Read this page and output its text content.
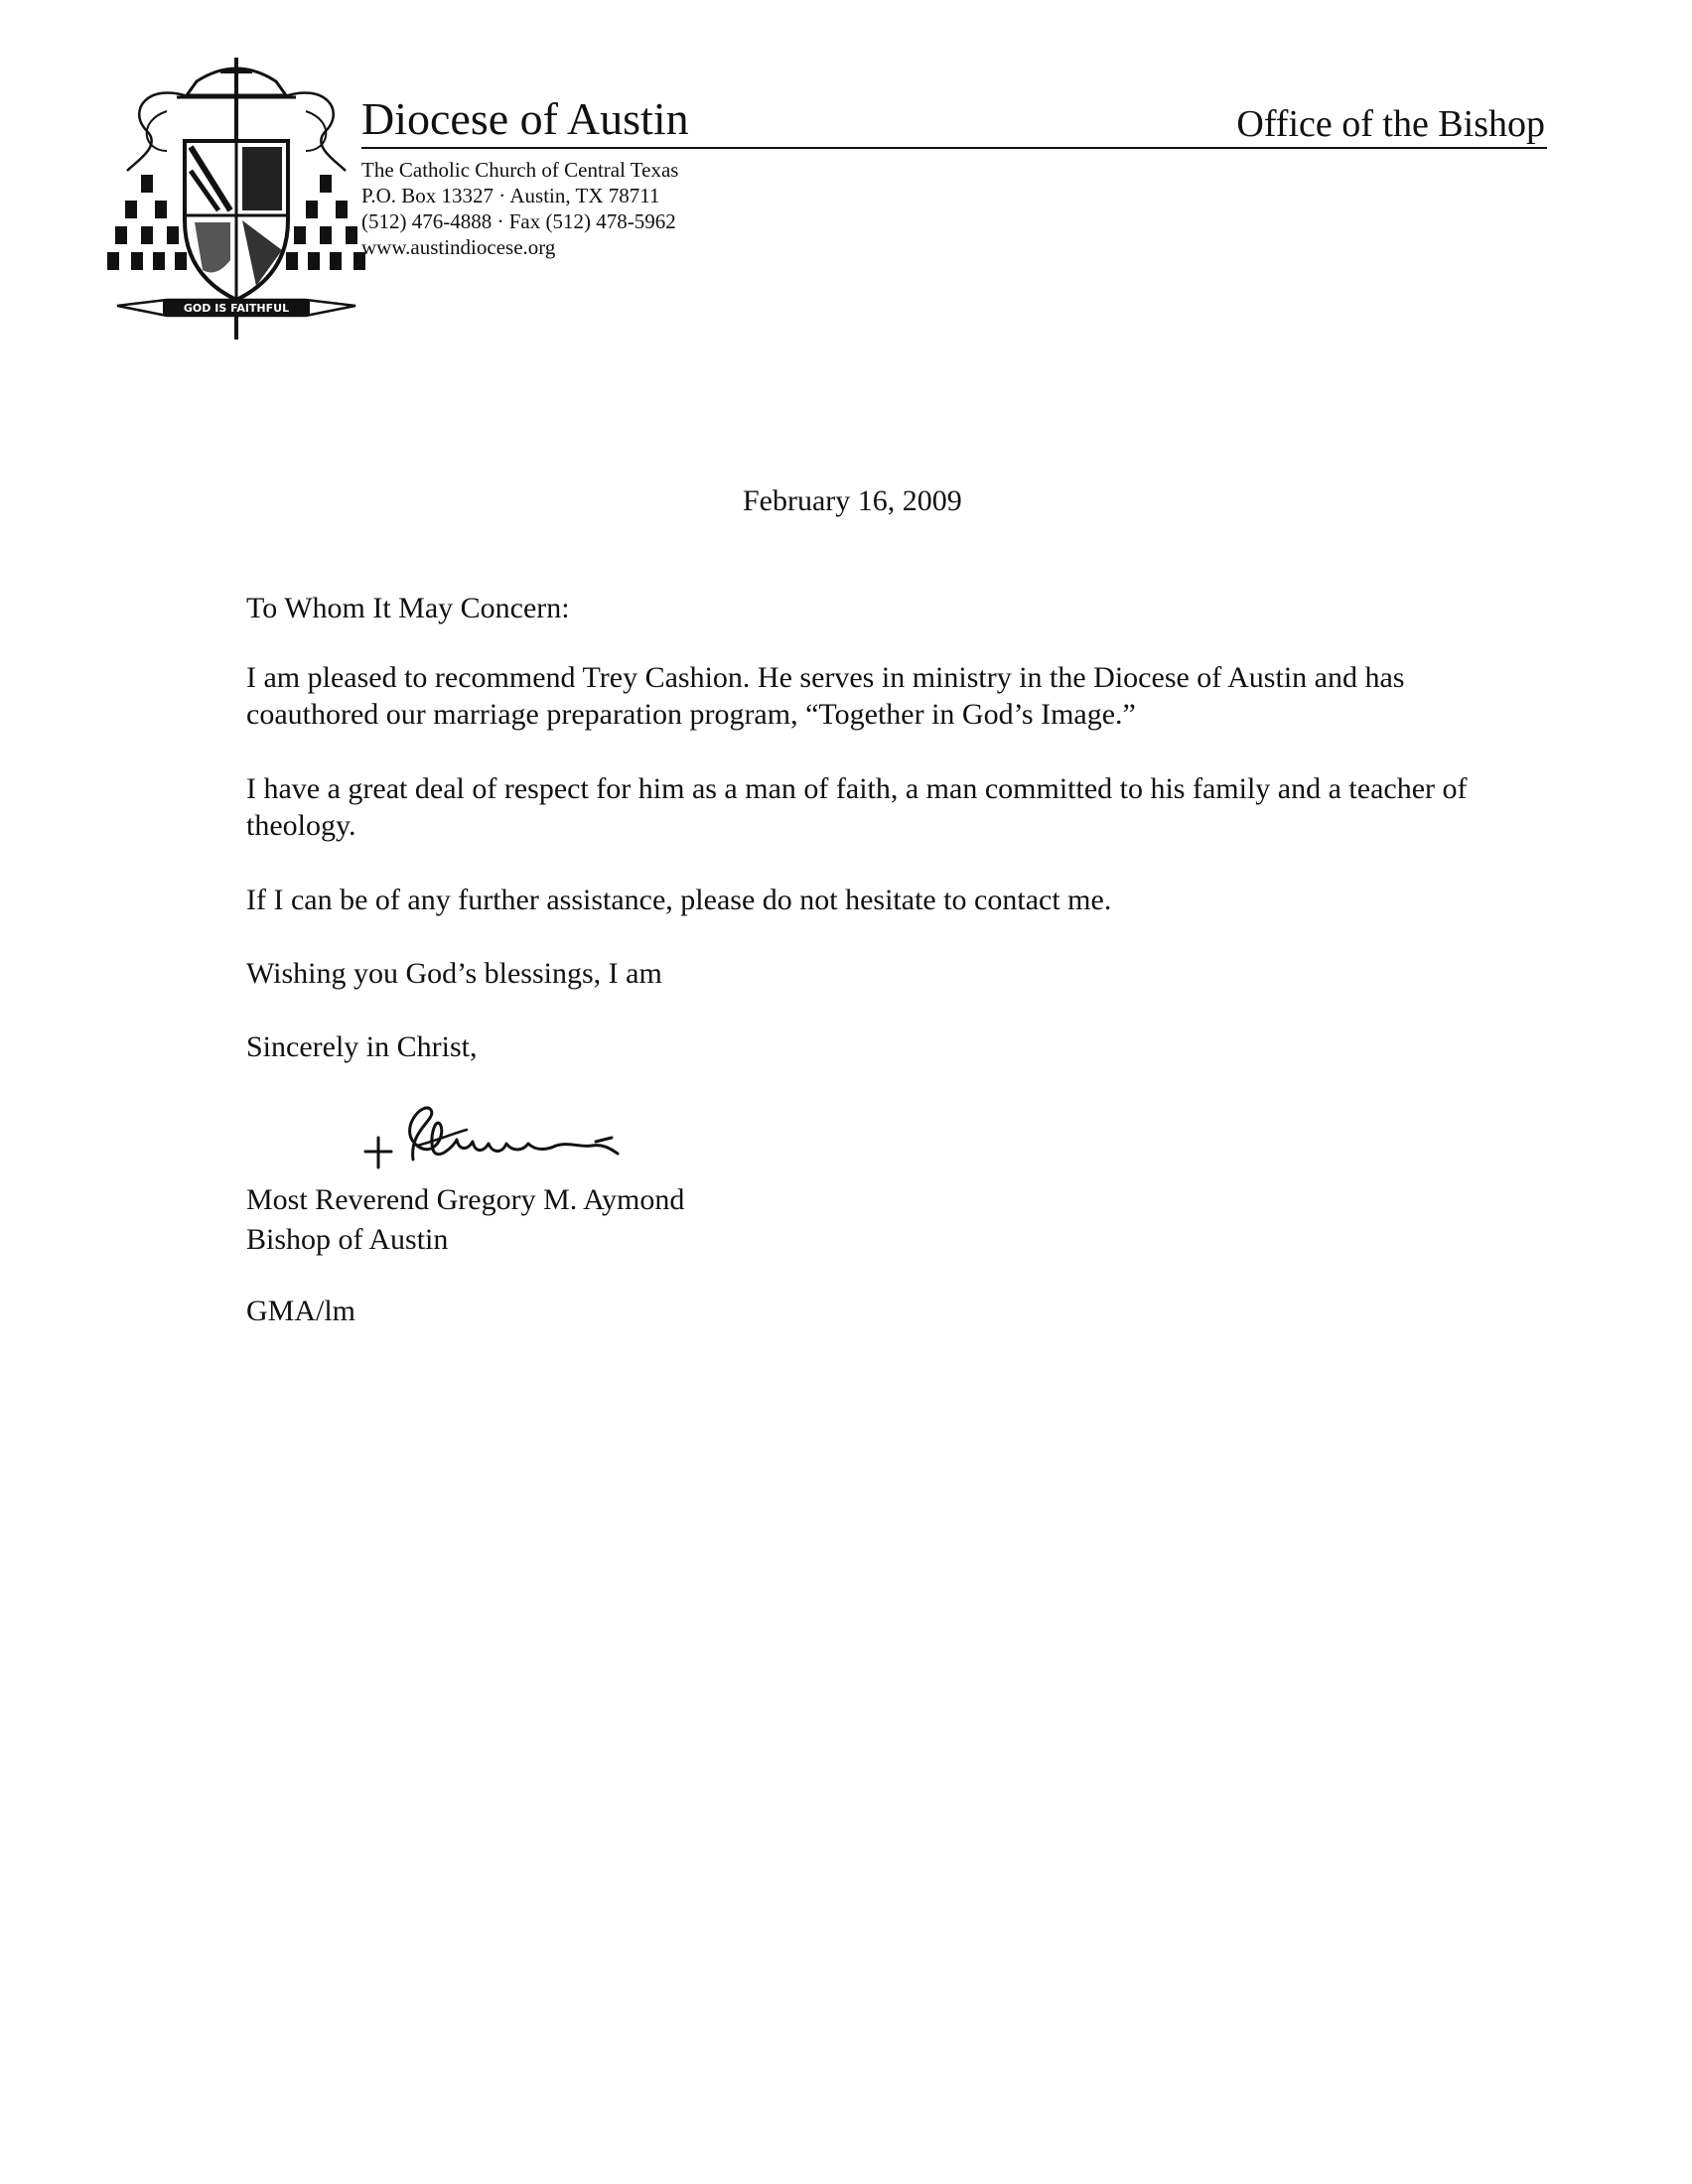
GOD IS FAITHFUL
Diocese of Austin	Office of the Bishop
The Catholic Church of Central Texas
P.O. Box 13327 · Austin, TX 78711
(512) 476-4888 · Fax (512) 478-5962
www.austindiocese.org
February 16, 2009
To Whom It May Concern:
I am pleased to recommend Trey Cashion. He serves in ministry in the Diocese of Austin and has coauthored our marriage preparation program, “Together in God’s Image.”
I have a great deal of respect for him as a man of faith, a man committed to his family and a teacher of theology.
If I can be of any further assistance, please do not hesitate to contact me.
Wishing you God’s blessings, I am
Sincerely in Christ,
Most Reverend Gregory M. Aymond
Bishop of Austin
GMA/lm
